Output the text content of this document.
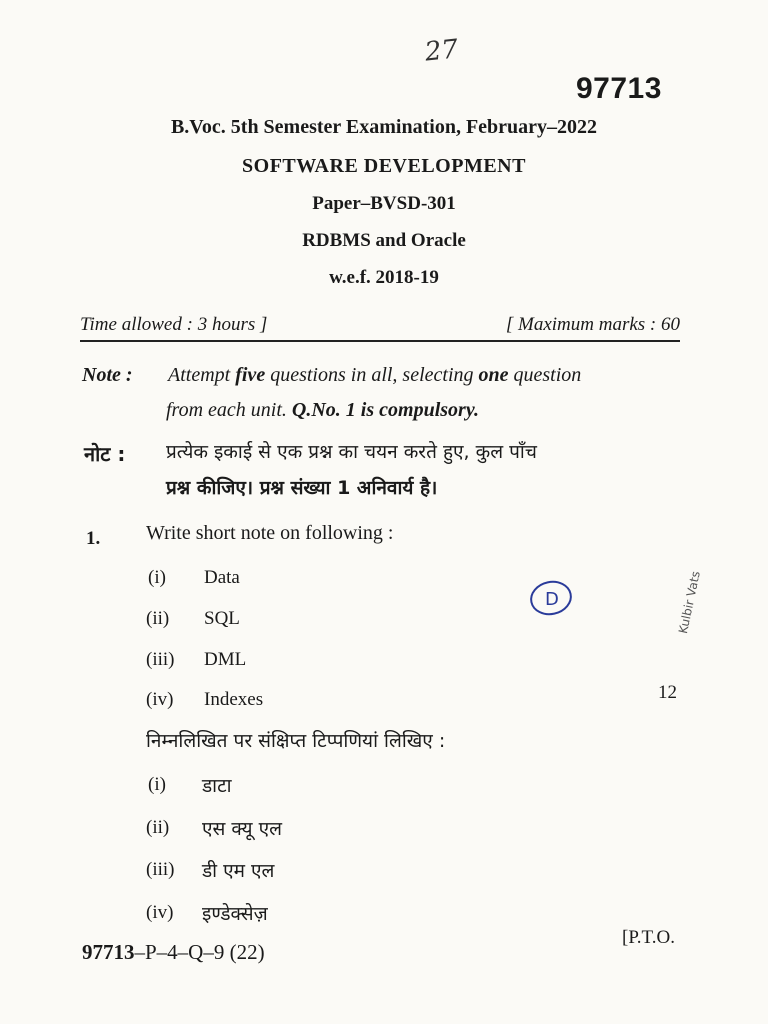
27
97713
B.Voc. 5th Semester Examination, February–2022
SOFTWARE DEVELOPMENT
Paper–BVSD-301
RDBMS and Oracle
w.e.f. 2018-19
Time allowed : 3 hours ]	[ Maximum marks : 60
Note : Attempt five questions in all, selecting one question
from each unit. Q.No. 1 is compulsory.
नोट : प्रत्येक इकाई से एक प्रश्न का चयन करते हुए, कुल पाँच
प्रश्न कीजिए। प्रश्न संख्या 1 अनिवार्य है।
1. Write short note on following :
(i) Data
(ii) SQL
(iii) DML
(iv) Indexes	12
निम्नलिखित पर संक्षिप्त टिप्पणियां लिखिए :
(i) डाटा
(ii) एस क्यू एल
(iii) डी एम एल
(iv) इण्डेक्सेज़
[P.T.O.
97713–P–4–Q–9 (22)
Kulbir Vats
D
